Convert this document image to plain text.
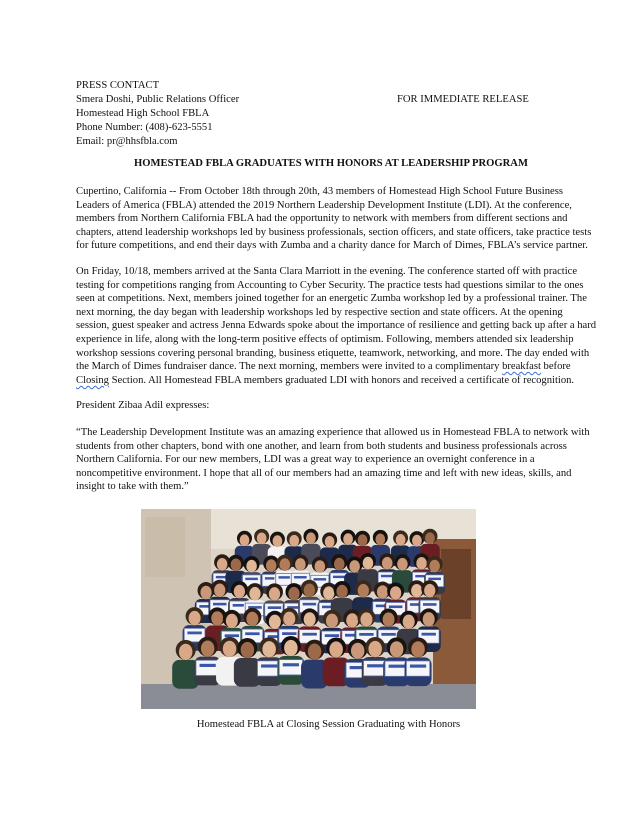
PRESS CONTACT
Smera Doshi, Public Relations Officer
Homestead High School FBLA
Phone Number: (408)-623-5551
Email: pr@hhsfbla.com
FOR IMMEDIATE RELEASE
HOMESTEAD FBLA GRADUATES WITH HONORS AT LEADERSHIP PROGRAM
Cupertino, California -- From October 18th through 20th, 43 members of Homestead High School Future Business
Leaders of America (FBLA) attended the 2019 Northern Leadership Development Institute (LDI). At the conference,
members from Northern California FBLA had the opportunity to network with members from different sections and
chapters, attend leadership workshops led by business professionals, section officers, and state officers, take practice tests
for future competitions, and end their days with Zumba and a charity dance for March of Dimes, FBLA’s service partner.
On Friday, 10/18, members arrived at the Santa Clara Marriott in the evening. The conference started off with practice
testing for competitions ranging from Accounting to Cyber Security. The practice tests had questions similar to the ones
seen at competitions. Next, members joined together for an energetic Zumba workshop led by a professional trainer. The
next morning, the day began with leadership workshops led by respective section and state officers. At the opening
session, guest speaker and actress Jenna Edwards spoke about the importance of resilience and getting back up after a hard
experience in life, along with the long-term positive effects of optimism. Following, members attended six leadership
workshop sessions covering personal branding, business etiquette, teamwork, networking, and more. The day ended with
the March of Dimes fundraiser dance. The next morning, members were invited to a complimentary breakfast before
Closing Section. All Homestead FBLA members graduated LDI with honors and received a certificate of recognition.
President Zibaa Adil expresses:
“The Leadership Development Institute was an amazing experience that allowed us in Homestead FBLA to network with
students from other chapters, bond with one another, and learn from both students and business professionals across
Northern California. For our new members, LDI was a great way to experience an overnight conference in a
noncompetitive environment. I hope that all of our members had an amazing time and left with new ideas, skills, and
insight to take with them.”
Homestead FBLA at Closing Session Graduating with Honors
